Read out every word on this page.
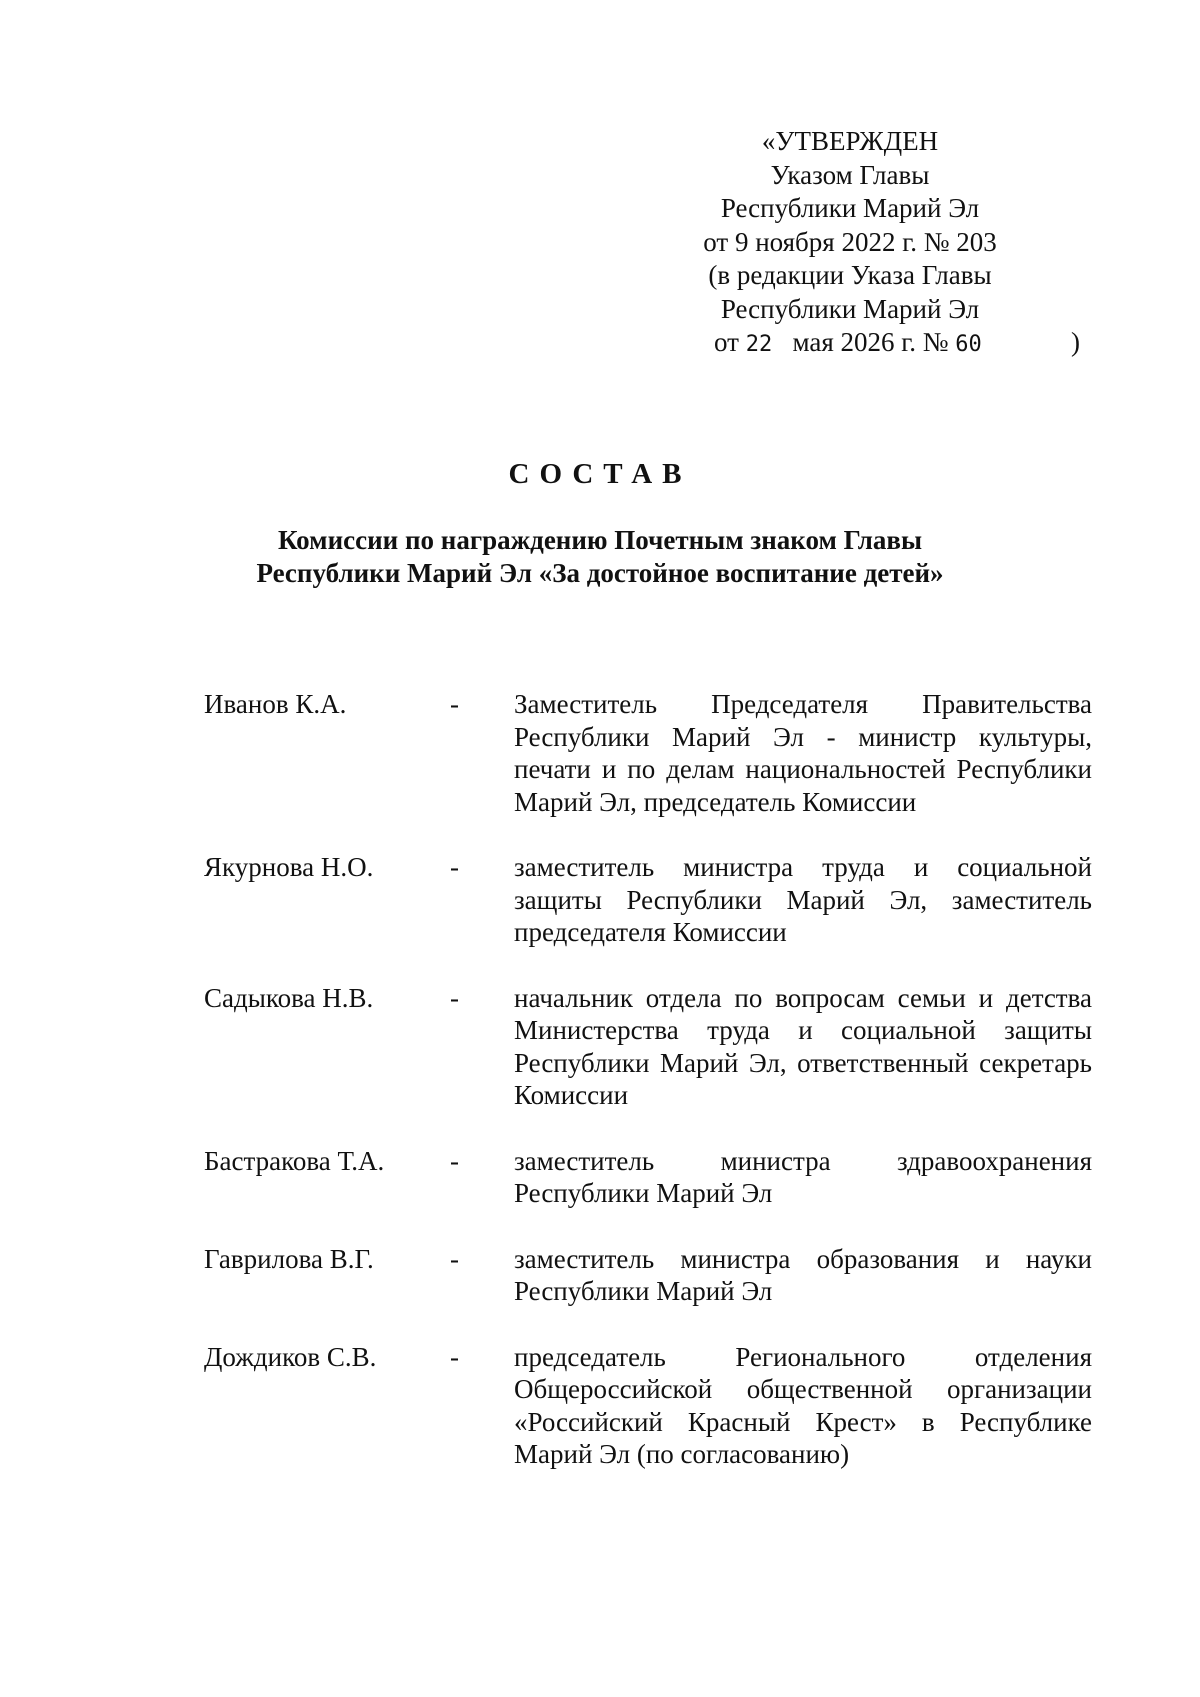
«УТВЕРЖДЕН
Указом Главы
Республики Марий Эл
от 9 ноября 2022 г. № 203
(в редакции Указа Главы
Республики Марий Эл
от 22 мая 2026 г. № 60	)
СОСТАВ
Комиссии по награждению Почетным знаком Главы
Республики Марий Эл «За достойное воспитание детей»
Иванов К.А.	-	Заместитель Председателя Правительства Республики Марий Эл - министр культуры, печати и по делам национальностей Республики Марий Эл, председатель Комиссии
Якурнова Н.О.	-	заместитель министра труда и социальной защиты Республики Марий Эл, заместитель председателя Комиссии
Садыкова Н.В.	-	начальник отдела по вопросам семьи и детства Министерства труда и социальной защиты Республики Марий Эл, ответственный секретарь Комиссии
Бастракова Т.А.	-	заместитель министра здравоохранения Республики Марий Эл
Гаврилова В.Г.	-	заместитель министра образования и науки Республики Марий Эл
Дождиков С.В.	-	председатель Регионального отделения Общероссийской общественной организации «Российский Красный Крест» в Республике Марий Эл (по согласованию)
